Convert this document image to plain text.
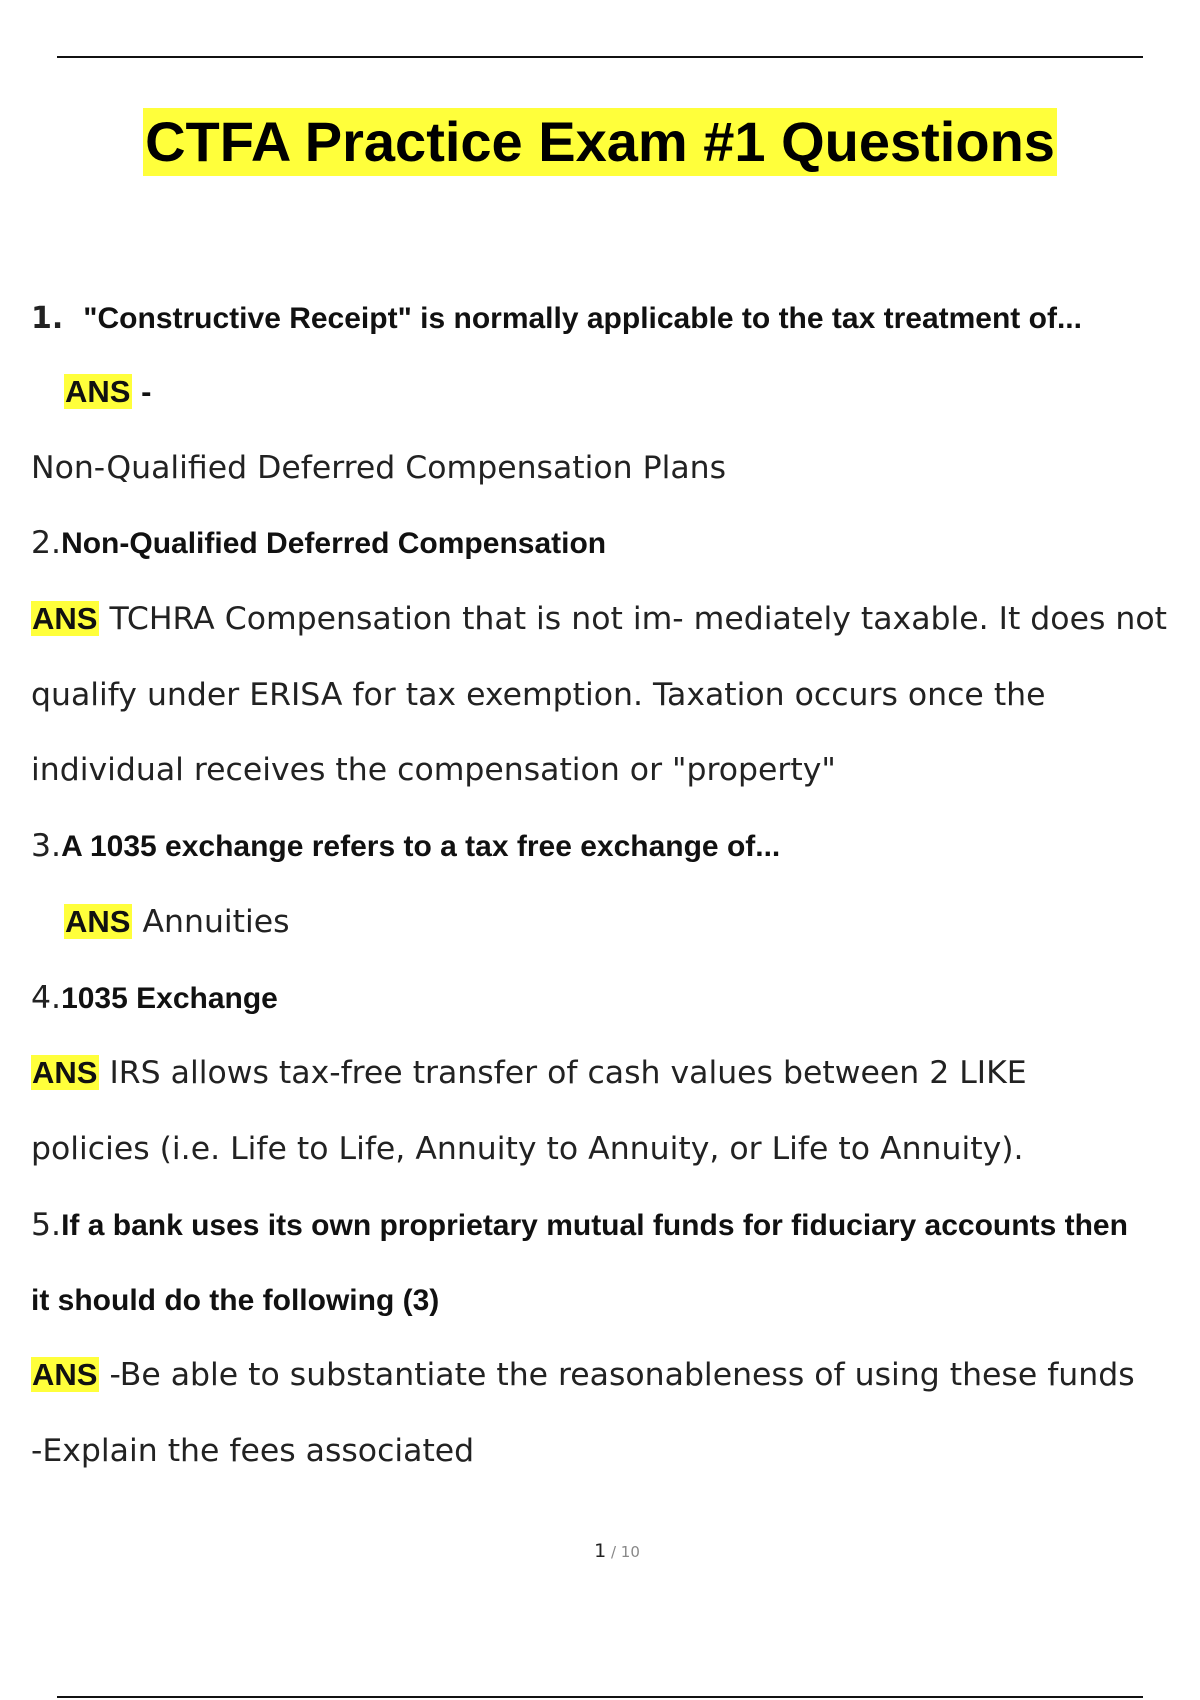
CTFA Practice Exam #1 Questions
1. "Constructive Receipt" is normally applicable to the tax treatment of...
ANS -
Non-Qualified Deferred Compensation Plans
2.Non-Qualified Deferred Compensation
ANS TCHRA Compensation that is not im- mediately taxable. It does not
qualify under ERISA for tax exemption. Taxation occurs once the
individual receives the compensation or "property"
3.A 1035 exchange refers to a tax free exchange of...
ANS Annuities
4.1035 Exchange
ANS IRS allows tax-free transfer of cash values between 2 LIKE
policies (i.e. Life to Life, Annuity to Annuity, or Life to Annuity).
5.If a bank uses its own proprietary mutual funds for fiduciary accounts then
it should do the following (3)
ANS -Be able to substantiate the reasonableness of using these funds
-Explain the fees associated
1 / 10
